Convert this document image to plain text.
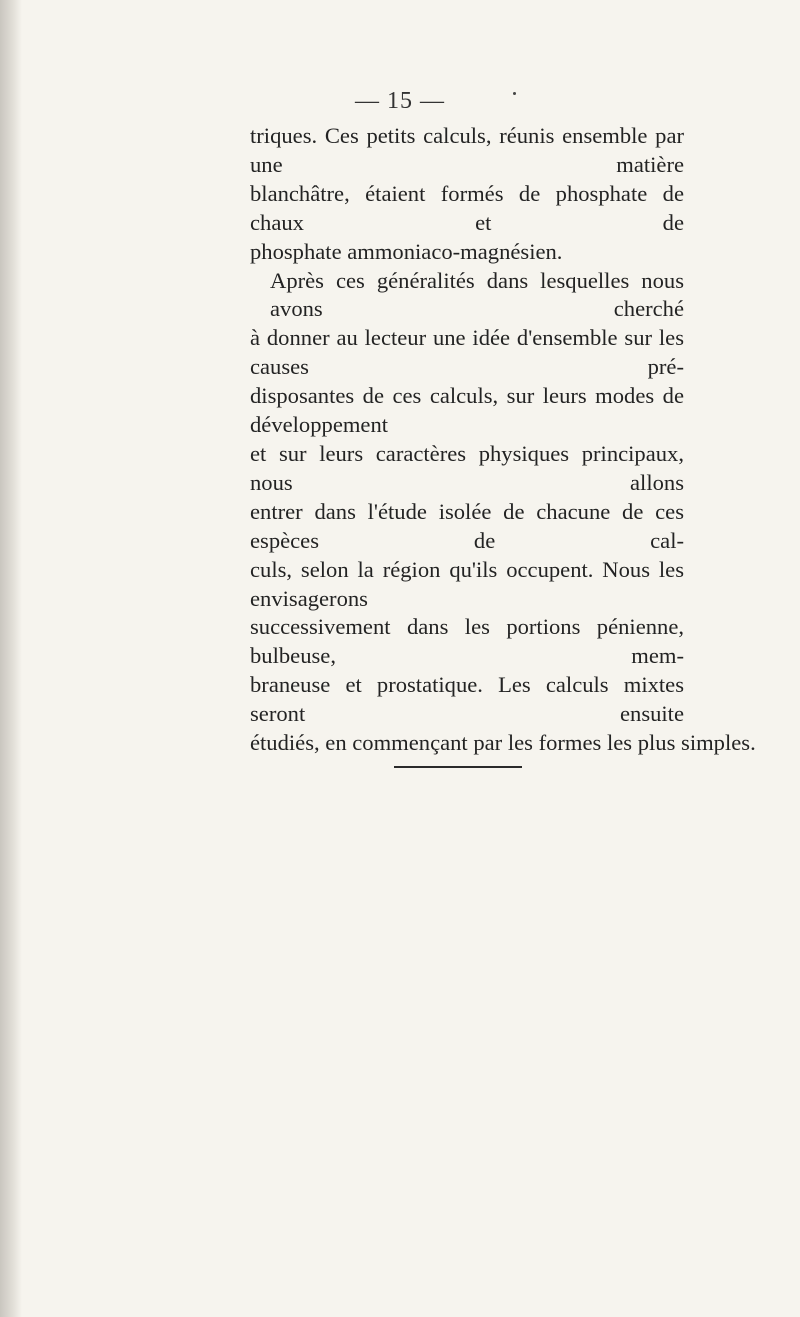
— 15 —
triques. Ces petits calculs, réunis ensemble par une matière
blanchâtre, étaient formés de phosphate de chaux et de
phosphate ammoniaco-magnésien.
Après ces généralités dans lesquelles nous avons cherché
à donner au lecteur une idée d'ensemble sur les causes pré-
disposantes de ces calculs, sur leurs modes de développement
et sur leurs caractères physiques principaux, nous allons
entrer dans l'étude isolée de chacune de ces espèces de cal-
culs, selon la région qu'ils occupent. Nous les envisagerons
successivement dans les portions pénienne, bulbeuse, mem-
braneuse et prostatique. Les calculs mixtes seront ensuite
étudiés, en commençant par les formes les plus simples.
